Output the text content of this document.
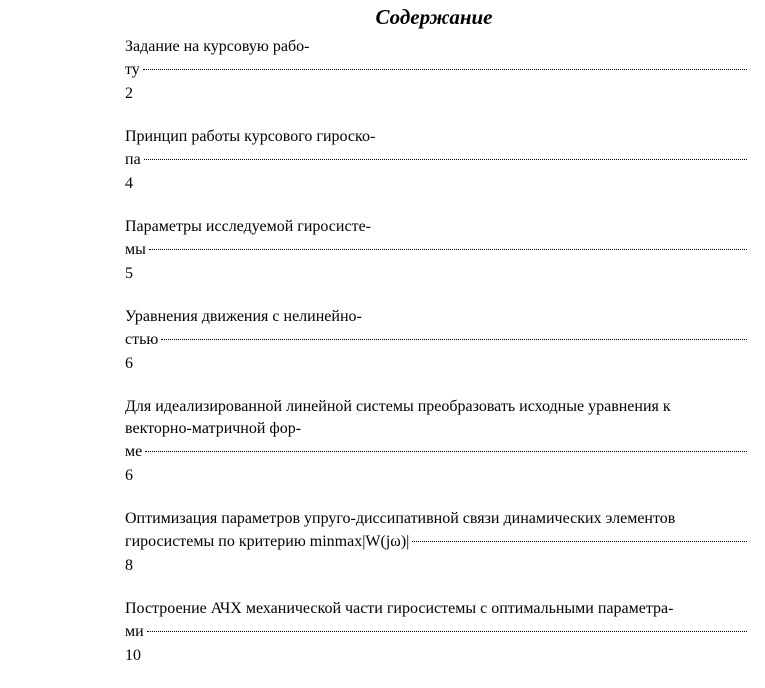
Содержание
Задание на курсовую рабо-
ту
2
Принцип работы курсового гироско-
па
4
Параметры исследуемой гиросисте-
мы
5
Уравнения движения с нелинейно-
стью
6
Для идеализированной линейной системы преобразовать исходные уравнения к
векторно-матричной фор-
ме
6
Оптимизация параметров упруго-диссипативной связи динамических элементов
гиросистемы по критерию minmax|W(jω)|
8
Построение АЧХ механической части гиросистемы с оптимальными параметра-
ми
10
